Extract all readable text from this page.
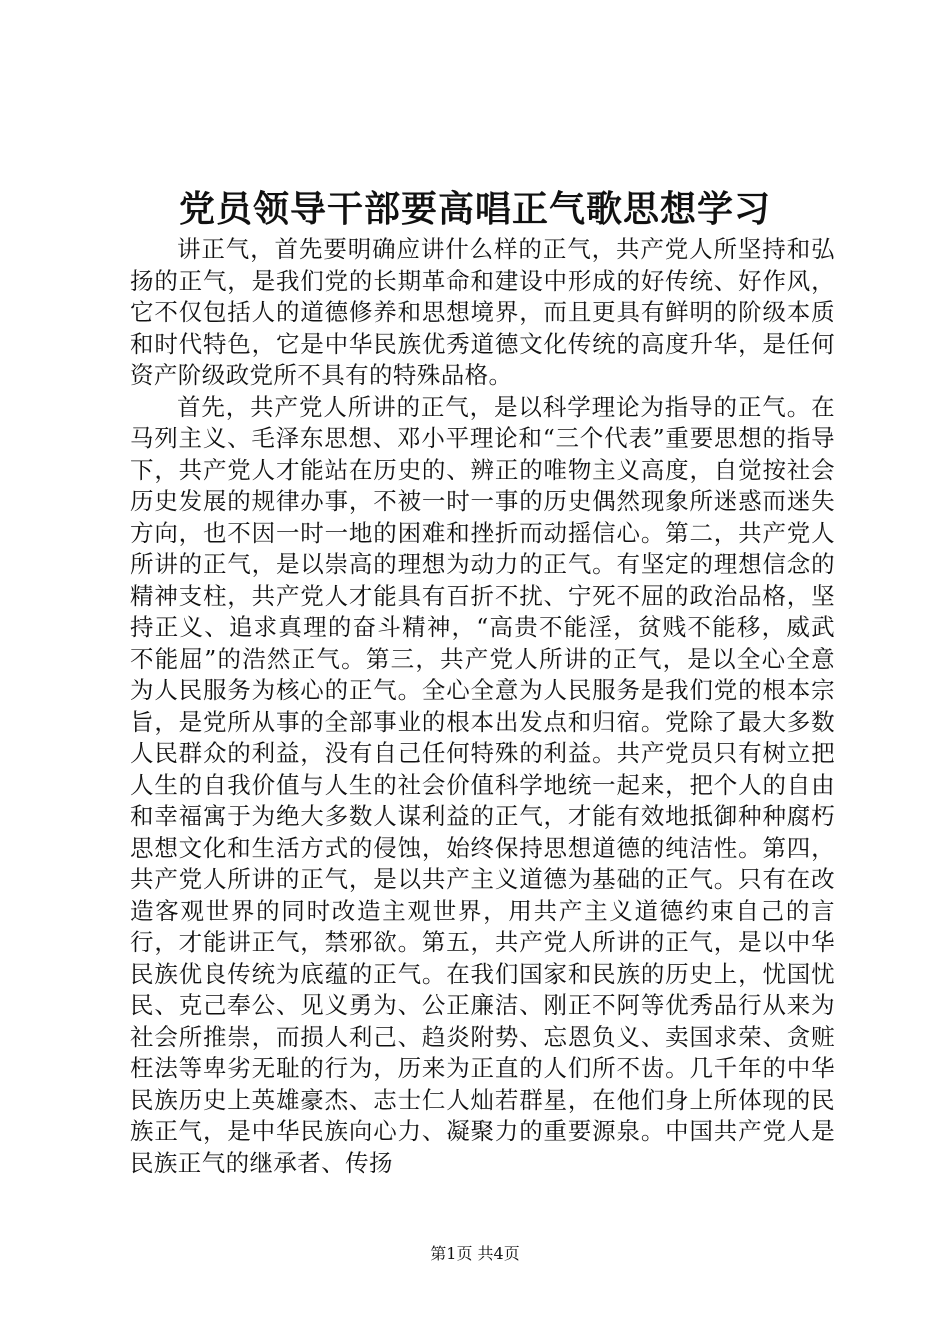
党员领导干部要高唱正气歌思想学习

讲正气，首先要明确应讲什么样的正气，共产党人所坚持和弘扬的正气，是我们党的长期革命和建设中形成的好传统、好作风，它不仅包括人的道德修养和思想境界，而且更具有鲜明的阶级本质和时代特色，它是中华民族优秀道德文化传统的高度升华，是任何资产阶级政党所不具有的特殊品格。

首先，共产党人所讲的正气，是以科学理论为指导的正气。在马列主义、毛泽东思想、邓小平理论和“三个代表”重要思想的指导下，共产党人才能站在历史的、辨正的唯物主义高度，自觉按社会历史发展的规律办事，不被一时一事的历史偶然现象所迷惑而迷失方向，也不因一时一地的困难和挫折而动摇信心。第二，共产党人所讲的正气，是以崇高的理想为动力的正气。有坚定的理想信念的精神支柱，共产党人才能具有百折不扰、宁死不屈的政治品格，坚持正义、追求真理的奋斗精神，“高贵不能淫，贫贱不能移，威武不能屈”的浩然正气。第三，共产党人所讲的正气，是以全心全意为人民服务为核心的正气。全心全意为人民服务是我们党的根本宗旨，是党所从事的全部事业的根本出发点和归宿。党除了最大多数人民群众的利益，没有自己任何特殊的利益。共产党员只有树立把人生的自我价值与人生的社会价值科学地统一起来，把个人的自由和幸福寓于为绝大多数人谋利益的正气，才能有效地抵御种种腐朽思想文化和生活方式的侵蚀，始终保持思想道德的纯洁性。第四，共产党人所讲的正气，是以共产主义道德为基础的正气。只有在改造客观世界的同时改造主观世界，用共产主义道德约束自己的言行，才能讲正气，禁邪欲。第五，共产党人所讲的正气，是以中华民族优良传统为底蕴的正气。在我们国家和民族的历史上，忧国忧民、克己奉公、见义勇为、公正廉洁、刚正不阿等优秀品行从来为社会所推崇，而损人利己、趋炎附势、忘恩负义、卖国求荣、贪赃枉法等卑劣无耻的行为，历来为正直的人们所不齿。几千年的中华民族历史上英雄豪杰、志士仁人灿若群星，在他们身上所体现的民族正气，是中华民族向心力、凝聚力的重要源泉。中国共产党人是民族正气的继承者、传扬

第1页 共4页
